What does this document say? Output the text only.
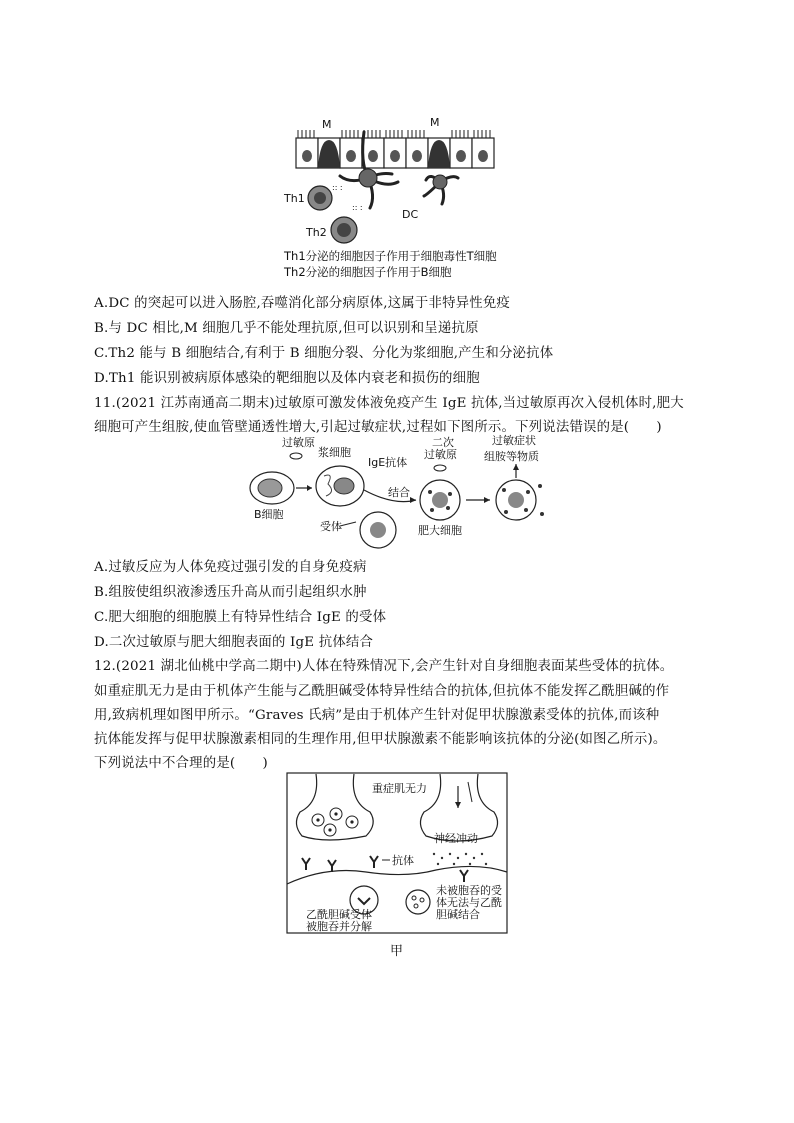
:: :
:: :
M	M
Th1
Th2
DC
Th1分泌的细胞因子作用于细胞毒性T细胞
Th2分泌的细胞因子作用于B细胞
A.DC 的突起可以进入肠腔,吞噬消化部分病原体,这属于非特异性免疫
B.与 DC 相比,M 细胞几乎不能处理抗原,但可以识别和呈递抗原
C.Th2 能与 B 细胞结合,有利于 B 细胞分裂、分化为浆细胞,产生和分泌抗体
D.Th1 能识别被病原体感染的靶细胞以及体内衰老和损伤的细胞
11.(2021 江苏南通高二期末)过敏原可激发体液免疫产生 IgE 抗体,当过敏原再次入侵机体时,肥大
细胞可产生组胺,使血管壁通透性增大,引起过敏症状,过程如下图所示。下列说法错误的是(　　)
过敏原
浆细胞
IgE抗体
二次
过敏原
过敏症状
组胺等物质
结合
B细胞
受体	肥大细胞
A.过敏反应为人体免疫过强引发的自身免疫病
B.组胺使组织液渗透压升高从而引起组织水肿
C.肥大细胞的细胞膜上有特异性结合 IgE 的受体
D.二次过敏原与肥大细胞表面的 IgE 抗体结合
12.(2021 湖北仙桃中学高二期中)人体在特殊情况下,会产生针对自身细胞表面某些受体的抗体。
如重症肌无力是由于机体产生能与乙酰胆碱受体特异性结合的抗体,但抗体不能发挥乙酰胆碱的作
用,致病机理如图甲所示。“Graves 氏病”是由于机体产生针对促甲状腺激素受体的抗体,而该种
抗体能发挥与促甲状腺激素相同的生理作用,但甲状腺激素不能影响该抗体的分泌(如图乙所示)。
下列说法中不合理的是(　　)
重症肌无力
神经冲动
抗体
乙酰胆碱受体
被胞吞并分解
未被胞吞的受
体无法与乙酰
胆碱结合
甲
